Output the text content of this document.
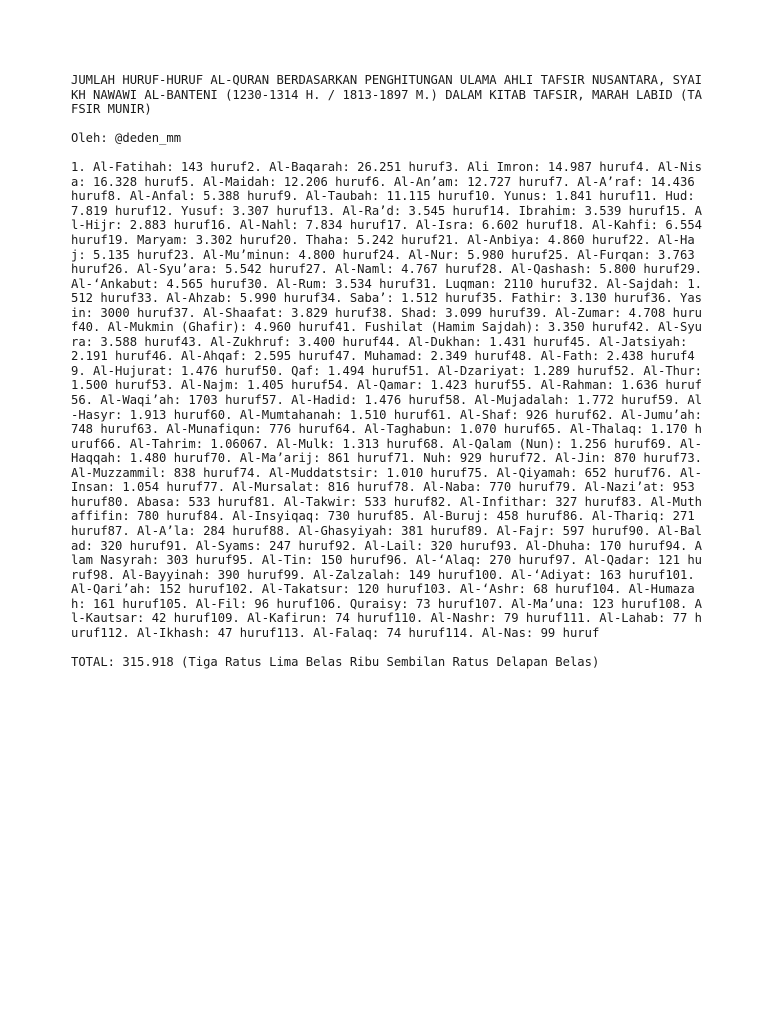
JUMLAH HURUF-HURUF AL-QURAN BERDASARKAN PENGHITUNGAN ULAMA AHLI TAFSIR NUSANTARA, SYAIKH NAWAWI AL-BANTENI (1230-1314 H. / 1813-1897 M.) DALAM KITAB TAFSIR, MARAH LABID (TAFSIR MUNIR)

Oleh: @deden_mm

1. Al-Fatihah: 143 huruf2. Al-Baqarah: 26.251 huruf3. Ali Imron: 14.987 huruf4. Al-Nisa: 16.328 huruf5. Al-Maidah: 12.206 huruf6. Al-An’am: 12.727 huruf7. Al-A’raf: 14.436 huruf8. Al-Anfal: 5.388 huruf9. Al-Taubah: 11.115 huruf10. Yunus: 1.841 huruf11. Hud: 7.819 huruf12. Yusuf: 3.307 huruf13. Al-Ra’d: 3.545 huruf14. Ibrahim: 3.539 huruf15. Al-Hijr: 2.883 huruf16. Al-Nahl: 7.834 huruf17. Al-Isra: 6.602 huruf18. Al-Kahfi: 6.554 huruf19. Maryam: 3.302 huruf20. Thaha: 5.242 huruf21. Al-Anbiya: 4.860 huruf22. Al-Haj: 5.135 huruf23. Al-Mu’minun: 4.800 huruf24. Al-Nur: 5.980 huruf25. Al-Furqan: 3.763 huruf26. Al-Syu’ara: 5.542 huruf27. Al-Naml: 4.767 huruf28. Al-Qashash: 5.800 huruf29. Al-‘Ankabut: 4.565 huruf30. Al-Rum: 3.534 huruf31. Luqman: 2110 huruf32. Al-Sajdah: 1.512 huruf33. Al-Ahzab: 5.990 huruf34. Saba’: 1.512 huruf35. Fathir: 3.130 huruf36. Yasin: 3000 huruf37. Al-Shaafat: 3.829 huruf38. Shad: 3.099 huruf39. Al-Zumar: 4.708 huruf40. Al-Mukmin (Ghafir): 4.960 huruf41. Fushilat (Hamim Sajdah): 3.350 huruf42. Al-Syura: 3.588 huruf43. Al-Zukhruf: 3.400 huruf44. Al-Dukhan: 1.431 huruf45. Al-Jatsiyah: 2.191 huruf46. Al-Ahqaf: 2.595 huruf47. Muhamad: 2.349 huruf48. Al-Fath: 2.438 huruf49. Al-Hujurat: 1.476 huruf50. Qaf: 1.494 huruf51. Al-Dzariyat: 1.289 huruf52. Al-Thur: 1.500 huruf53. Al-Najm: 1.405 huruf54. Al-Qamar: 1.423 huruf55. Al-Rahman: 1.636 huruf56. Al-Waqi’ah: 1703 huruf57. Al-Hadid: 1.476 huruf58. Al-Mujadalah: 1.772 huruf59. Al-Hasyr: 1.913 huruf60. Al-Mumtahanah: 1.510 huruf61. Al-Shaf: 926 huruf62. Al-Jumu’ah: 748 huruf63. Al-Munafiqun: 776 huruf64. Al-Taghabun: 1.070 huruf65. Al-Thalaq: 1.170 huruf66. Al-Tahrim: 1.06067. Al-Mulk: 1.313 huruf68. Al-Qalam (Nun): 1.256 huruf69. Al-Haqqah: 1.480 huruf70. Al-Ma’arij: 861 huruf71. Nuh: 929 huruf72. Al-Jin: 870 huruf73. Al-Muzzammil: 838 huruf74. Al-Muddatstsir: 1.010 huruf75. Al-Qiyamah: 652 huruf76. Al-Insan: 1.054 huruf77. Al-Mursalat: 816 huruf78. Al-Naba: 770 huruf79. Al-Nazi’at: 953 huruf80. Abasa: 533 huruf81. Al-Takwir: 533 huruf82. Al-Infithar: 327 huruf83. Al-Muthaffifin: 780 huruf84. Al-Insyiqaq: 730 huruf85. Al-Buruj: 458 huruf86. Al-Thariq: 271 huruf87. Al-A’la: 284 huruf88. Al-Ghasyiyah: 381 huruf89. Al-Fajr: 597 huruf90. Al-Balad: 320 huruf91. Al-Syams: 247 huruf92. Al-Lail: 320 huruf93. Al-Dhuha: 170 huruf94. Alam Nasyrah: 303 huruf95. Al-Tin: 150 huruf96. Al-‘Alaq: 270 huruf97. Al-Qadar: 121 huruf98. Al-Bayyinah: 390 huruf99. Al-Zalzalah: 149 huruf100. Al-‘Adiyat: 163 huruf101. Al-Qari’ah: 152 huruf102. Al-Takatsur: 120 huruf103. Al-‘Ashr: 68 huruf104. Al-Humazah: 161 huruf105. Al-Fil: 96 huruf106. Quraisy: 73 huruf107. Al-Ma’una: 123 huruf108. Al-Kautsar: 42 huruf109. Al-Kafirun: 74 huruf110. Al-Nashr: 79 huruf111. Al-Lahab: 77 huruf112. Al-Ikhash: 47 huruf113. Al-Falaq: 74 huruf114. Al-Nas: 99 huruf

TOTAL: 315.918 (Tiga Ratus Lima Belas Ribu Sembilan Ratus Delapan Belas)
